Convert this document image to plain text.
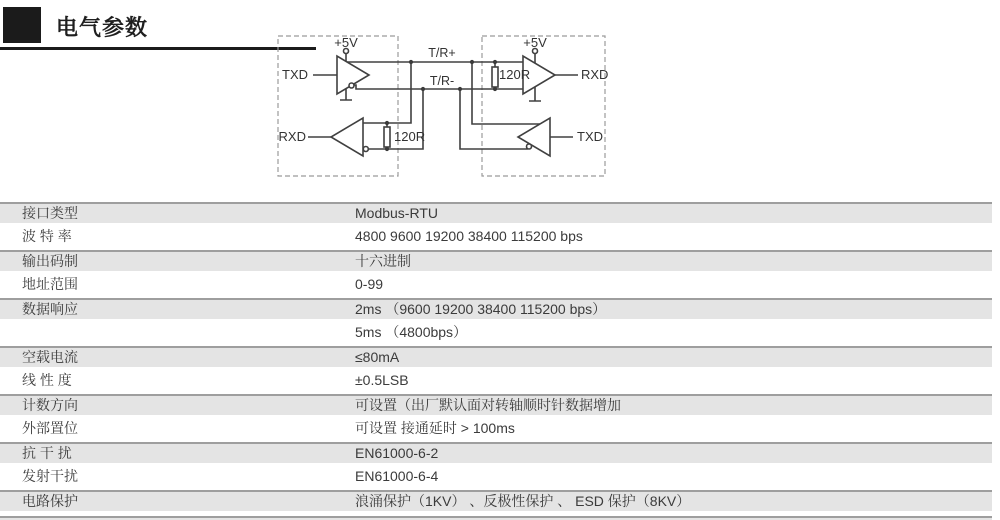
电气参数
+5V	+5V
TXD
RXD
RXD
TXD
T/R+
T/R-
120R
120R
接口类型	Modbus-RTU
波 特 率	4800 9600 19200 38400 115200 bps
输出码制	十六进制
地址范围	0-99
数据响应	2ms （9600 19200 38400 115200 bps）
5ms （4800bps）
空载电流	≤80mA
线 性 度	±0.5LSB
计数方向	可设置（出厂默认面对转轴顺时针数据增加
外部置位	可设置 接通延时 > 100ms
抗 干 扰	EN61000-6-2
发射干扰	EN61000-6-4
电路保护	浪涌保护（1KV） 、反极性保护 、 ESD 保护（8KV）
